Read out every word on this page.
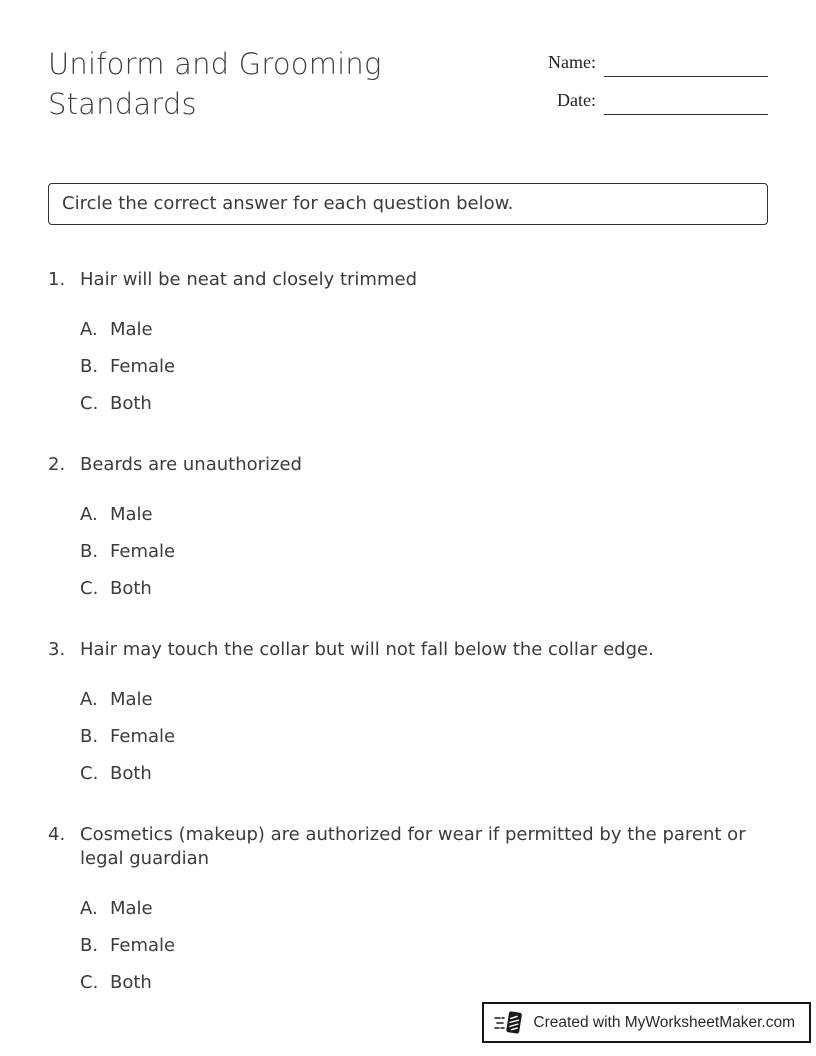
Uniform and Grooming Standards
Name:
Date:
Circle the correct answer for each question below.
1. Hair will be neat and closely trimmed
A. Male
B. Female
C. Both
2. Beards are unauthorized
A. Male
B. Female
C. Both
3. Hair may touch the collar but will not fall below the collar edge.
A. Male
B. Female
C. Both
4. Cosmetics (makeup) are authorized for wear if permitted by the parent or legal guardian
A. Male
B. Female
C. Both
Created with MyWorksheetMaker.com
